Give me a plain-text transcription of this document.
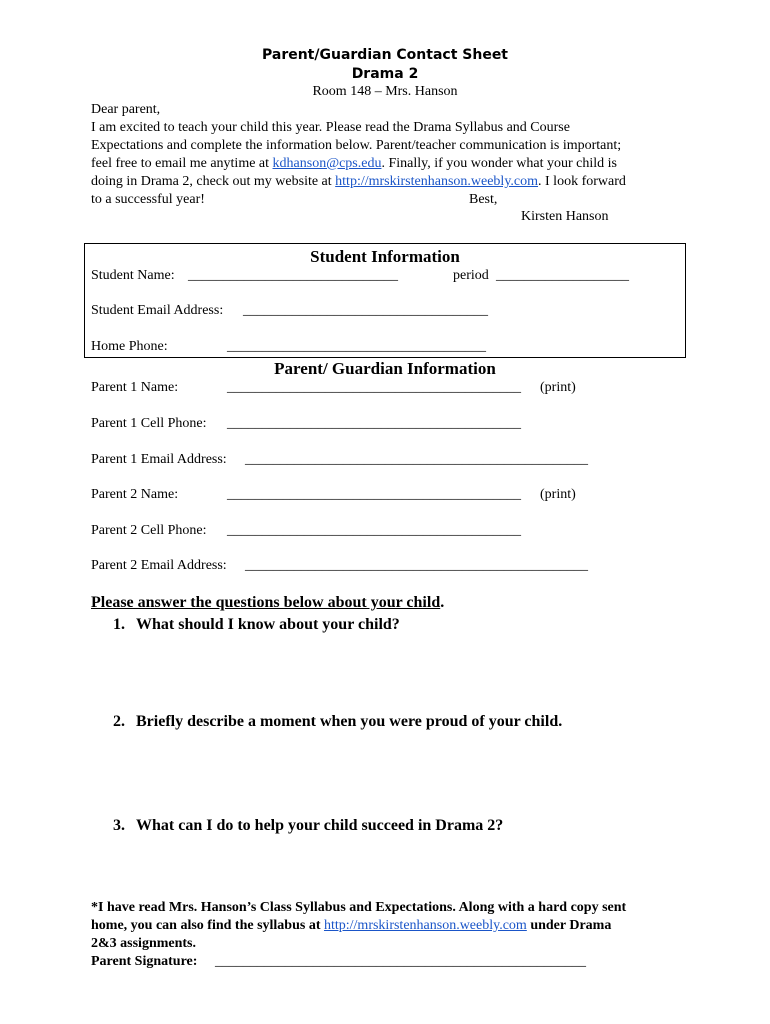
Parent/Guardian Contact Sheet
Drama 2
Room 148 – Mrs. Hanson

Dear parent,

I am excited to teach your child this year. Please read the Drama Syllabus and Course

Expectations and complete the information below. Parent/teacher communication is important;

feel free to email me anytime at kdhanson@cps.edu. Finally, if you wonder what your child is

doing in Drama 2, check out my website at http://mrskirstenhanson.weebly.com. I look forward

to a successful year!	Best,

Kirsten Hanson
Student Information
Student Name: ______________________________	period ___________________
Student Email Address: ___________________________________
Home Phone:	_____________________________________
Parent/ Guardian Information
Parent 1 Name:	__________________________________________ (print)
Parent 1 Cell Phone: __________________________________________
Parent 1 Email Address: _________________________________________________
Parent 2 Name:	__________________________________________ (print)
Parent 2 Cell Phone: __________________________________________
Parent 2 Email Address: _________________________________________________
Please answer the questions below about your child.
1. What should I know about your child?
2. Briefly describe a moment when you were proud of your child.
3. What can I do to help your child succeed in Drama 2?
*I have read Mrs. Hanson’s Class Syllabus and Expectations. Along with a hard copy sent
home, you can also find the syllabus at http://mrskirstenhanson.weebly.com under Drama
2&3 assignments.
Parent Signature: _____________________________________________________
